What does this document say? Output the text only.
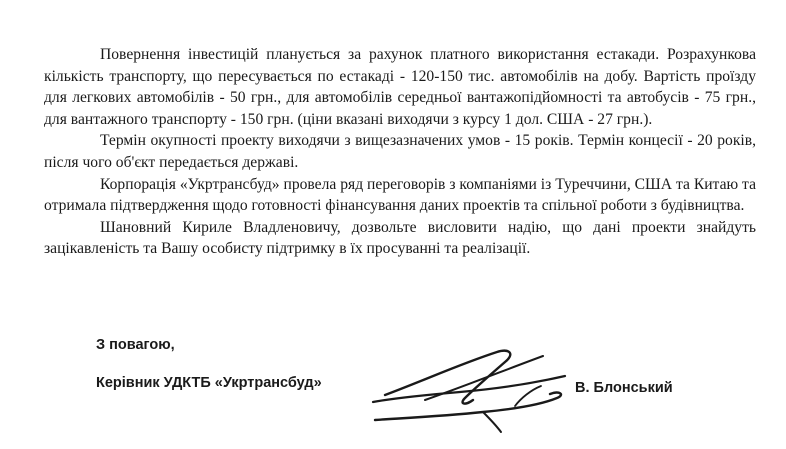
Повернення інвестицій планується за рахунок платного використання естакади. Розрахункова кількість транспорту, що пересувається по естакаді - 120-150 тис. автомобілів на добу. Вартість проїзду для легкових автомобілів - 50 грн., для автомобілів середньої вантажопідйомності та автобусів - 75 грн., для вантажного транспорту - 150 грн. (ціни вказані виходячи з курсу 1 дол. США - 27 грн.).

Термін окупності проекту виходячи з вищезазначених умов - 15 років. Термін концесії - 20 років, після чого об'єкт передається державі.

Корпорація «Укртрансбуд» провела ряд переговорів з компаніями із Туреччини, США та Китаю та отримала підтвердження щодо готовності фінансування даних проектів та спільної роботи з будівництва.

Шановний Кириле Владленовичу, дозвольте висловити надію, що дані проекти знайдуть зацікавленість та Вашу особисту підтримку в їх просуванні та реалізації.

З повагою,
Керівник УДКТБ «Укртрансбуд»	В. Блонський
